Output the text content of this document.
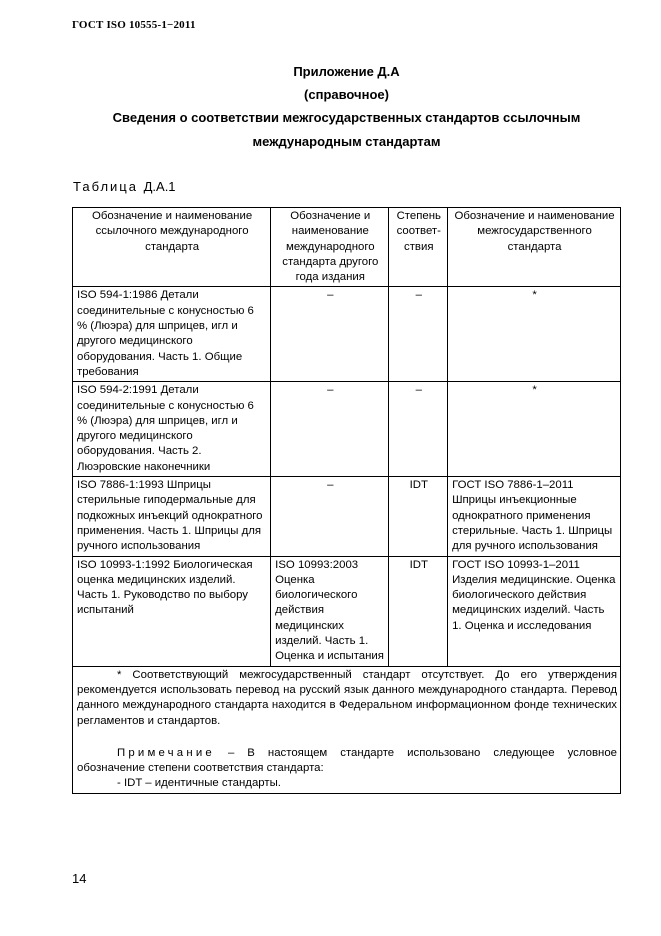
ГОСТ ISO 10555-1−2011
Приложение Д.А
(справочное)
Сведения о соответствии межгосударственных стандартов ссылочным
международным стандартам
Таблица Д.А.1
Обозначение и наименование ссылочного международного стандарта	Обозначение и наименование международного стандарта другого года издания	Степень соответ-ствия	Обозначение и наименование межгосударственного стандарта
ISO 594-1:1986 Детали соединительные с конусностью 6 % (Люэра) для шприцев, игл и другого медицинского оборудования. Часть 1. Общие требования	–	–	*
ISO 594-2:1991 Детали соединительные с конусностью 6 % (Люэра) для шприцев, игл и другого медицинского оборудования. Часть 2. Люэровские наконечники	–	–	*
ISO 7886-1:1993 Шприцы стерильные гиподермальные для подкожных инъекций однократного применения. Часть 1. Шприцы для ручного использования	–	IDT	ГОСТ ISO 7886-1–2011 Шприцы инъекционные однократного применения стерильные. Часть 1. Шприцы для ручного использования
ISO 10993-1:1992 Биологическая оценка медицинских изделий. Часть 1. Руководство по выбору испытаний	ISO 10993:2003 Оценка биологического действия медицинских изделий. Часть 1. Оценка и испытания	IDT	ГОСТ ISO 10993-1–2011 Изделия медицинские. Оценка биологического действия медицинских изделий. Часть 1. Оценка и исследования

* Соответствующий межгосударственный стандарт отсутствует. До его утверждения рекомендуется использовать перевод на русский язык данного международного стандарта. Перевод данного международного стандарта находится в Федеральном информационном фонде технических регламентов и стандартов.

Примечание – В настоящем стандарте использовано следующее условное обозначение степени соответствия стандарта:

- IDT – идентичные стандарты.			

14
